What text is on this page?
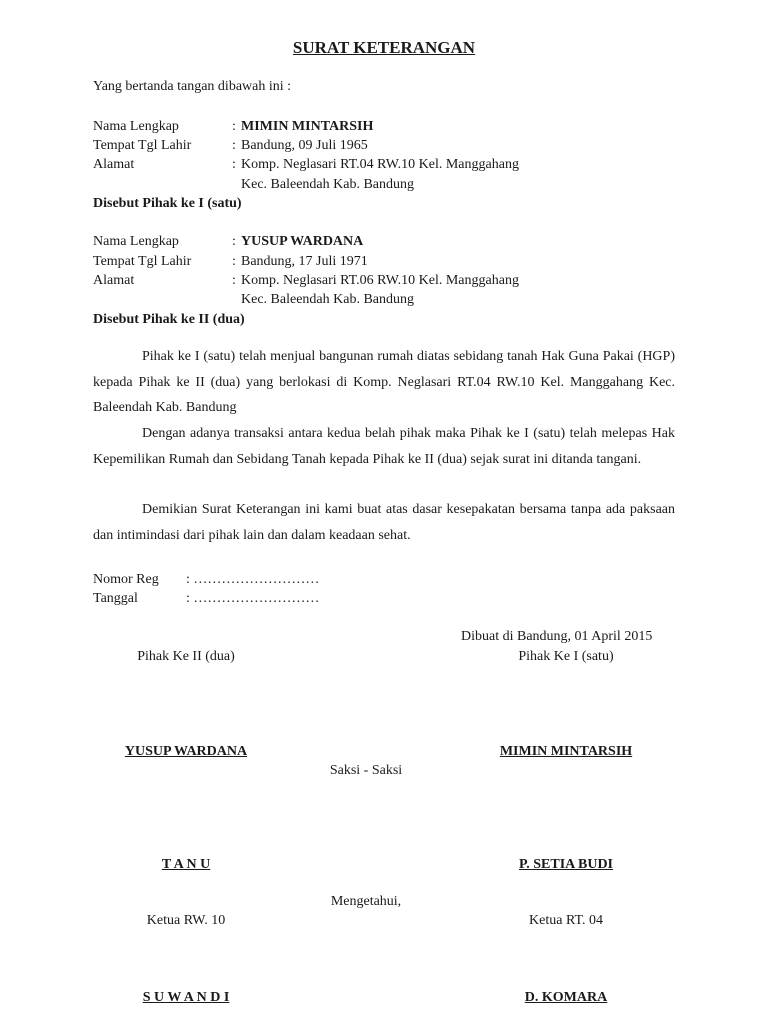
SURAT KETERANGAN
Yang bertanda tangan dibawah ini :
Nama Lengkap	: MIMIN MINTARSIH
Tempat Tgl Lahir	: Bandung, 09 Juli 1965
Alamat	: Komp. Neglasari RT.04 RW.10 Kel. Manggahang
Kec. Baleendah Kab. Bandung
Disebut Pihak ke I (satu)
Nama Lengkap	: YUSUP WARDANA
Tempat Tgl Lahir	: Bandung, 17 Juli 1971
Alamat	: Komp. Neglasari RT.06 RW.10 Kel. Manggahang
Kec. Baleendah Kab. Bandung
Disebut Pihak ke II (dua)

Pihak ke I (satu) telah menjual bangunan rumah diatas sebidang tanah Hak Guna Pakai (HGP) kepada Pihak ke II (dua) yang berlokasi di Komp. Neglasari RT.04 RW.10 Kel. Manggahang Kec. Baleendah Kab. Bandung

Dengan adanya transaksi antara kedua belah pihak maka Pihak ke I (satu) telah melepas Hak Kepemilikan Rumah dan Sebidang Tanah kepada Pihak ke II (dua) sejak surat ini ditanda tangani.

Demikian Surat Keterangan ini kami buat atas dasar kesepakatan bersama tanpa ada paksaan dan intimindasi dari pihak lain dan dalam keadaan sehat.

Nomor Reg : ………………………
Tanggal	: ………………………
Dibuat di Bandung, 01 April 2015
Pihak Ke II (dua)	Pihak Ke I (satu)
YUSUP WARDANA	MIMIN MINTARSIH
Saksi - Saksi
T A N U	P. SETIA BUDI
Mengetahui,
Ketua RW. 10	Ketua RT. 04
S U W A N D I	D. KOMARA
